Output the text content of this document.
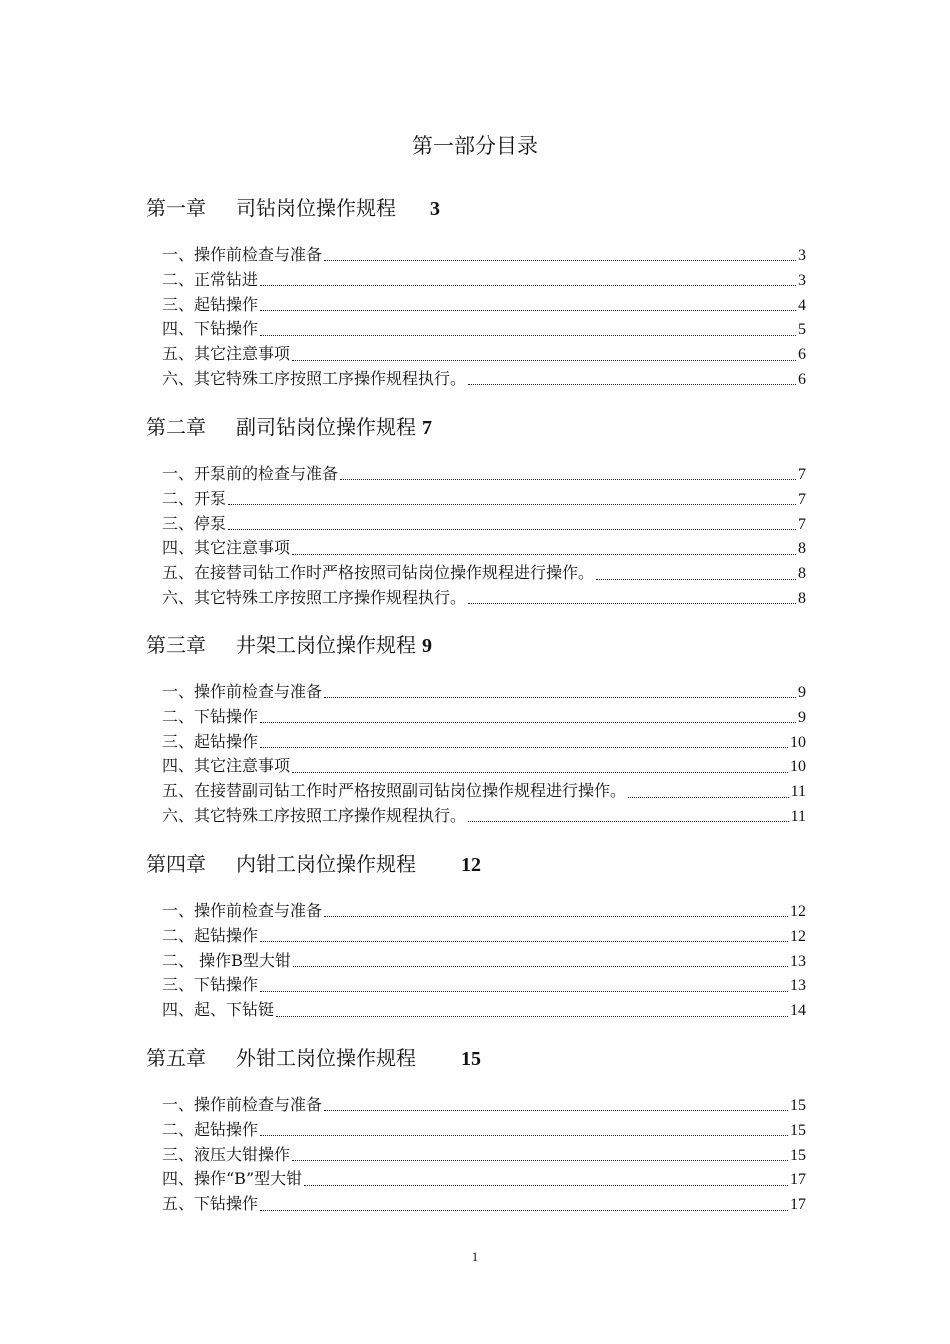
第一部分目录
第一章 司钻岗位操作规程 3
一、操作前检查与准备	3
二、正常钻进	3
三、起钻操作	4
四、下钻操作	5
五、其它注意事项	6
六、其它特殊工序按照工序操作规程执行。	6
第二章 副司钻岗位操作规程 7
一、开泵前的检查与准备	7
二、开泵	7
三、停泵	7
四、其它注意事项	8
五、在接替司钻工作时严格按照司钻岗位操作规程进行操作。	8
六、其它特殊工序按照工序操作规程执行。	8
第三章 井架工岗位操作规程 9
一、操作前检查与准备	9
二、下钻操作	9
三、起钻操作	10
四、其它注意事项	10
五、在接替副司钻工作时严格按照副司钻岗位操作规程进行操作。	11
六、其它特殊工序按照工序操作规程执行。	11
第四章 内钳工岗位操作规程 12
一、操作前检查与准备	12
二、起钻操作	12
二、 操作B型大钳	13
三、下钻操作	13
四、起、下钻铤	14
第五章 外钳工岗位操作规程 15
一、操作前检查与准备	15
二、起钻操作	15
三、液压大钳操作	15
四、操作“B”型大钳	17
五、下钻操作	17
1
